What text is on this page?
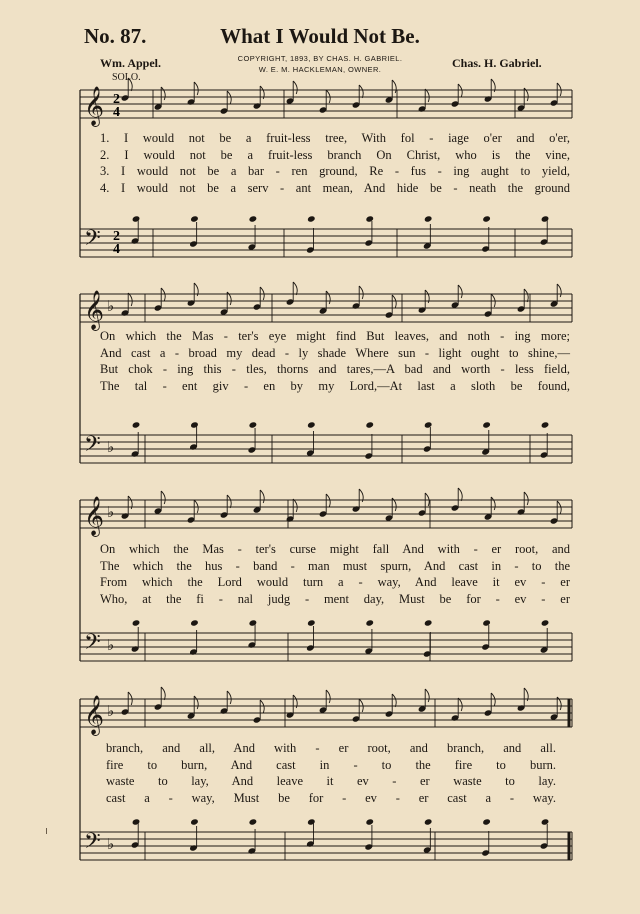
No. 87.	What I Would Not Be.
Wm. Appel.	COPYRIGHT, 1893, BY CHAS. H. GABRIEL.
W. E. M. HACKLEMAN, OWNER.	Chas. H. Gabriel.
SOLO.
𝄞
𝄢
𝄞 ♭
𝄢 ♭
𝄞 ♭
𝄢 ♭
𝄞 ♭
𝄢 ♭
2
4
2
4
1. I would not be a fruit-less tree, With fol - iage o'er and o'er,
2. I would not be a fruit-less branch On Christ, who is the vine,
3. I would not be a bar - ren ground, Re - fus - ing aught to yield,
4. I would not be a serv - ant mean, And hide be - neath the ground
On which the Mas - ter's eye might find But leaves, and noth - ing more;
And cast a - broad my dead - ly shade Where sun - light ought to shine,—
But chok - ing this - tles, thorns and tares,—A bad and worth - less field,
The tal - ent giv - en by my Lord,—At last a sloth be found,
On which the Mas - ter's curse might fall And with - er root, and
The which the hus - band - man must spurn, And cast in - to the
From which the Lord would turn a - way, And leave it ev - er
Who, at the fi - nal judg - ment day, Must be for - ev - er
branch, and all, And with - er root, and branch, and all.
fire to burn, And cast in - to the fire to burn.
waste to lay, And leave it ev - er waste to lay.
cast a - way, Must be for - ev - er cast a - way.
